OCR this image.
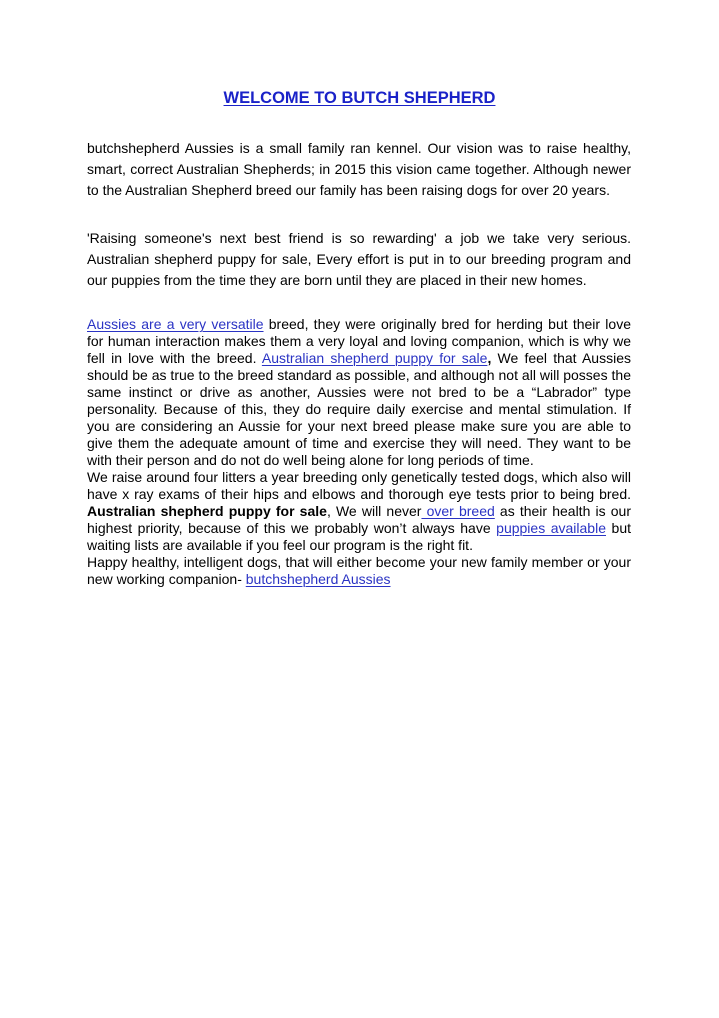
WELCOME TO BUTCH SHEPHERD

butchshepherd Aussies is a small family ran kennel. Our vision was to raise healthy, smart, correct Australian Shepherds; in 2015 this vision came together. Although newer to the Australian Shepherd breed our family has been raising dogs for over 20 years.

'Raising someone's next best friend is so rewarding' a job we take very serious. Australian shepherd puppy for sale, Every effort is put in to our breeding program and our puppies from the time they are born until they are placed in their new homes.

Aussies are a very versatile breed, they were originally bred for herding but their love for human interaction makes them a very loyal and loving companion, which is why we fell in love with the breed. Australian shepherd puppy for sale, We feel that Aussies should be as true to the breed standard as possible, and although not all will posses the same instinct or drive as another, Aussies were not bred to be a “Labrador” type personality. Because of this, they do require daily exercise and mental stimulation. If you are considering an Aussie for your next breed please make sure you are able to give them the adequate amount of time and exercise they will need. They want to be with their person and do not do well being alone for long periods of time.
We raise around four litters a year breeding only genetically tested dogs, which also will have x ray exams of their hips and elbows and thorough eye tests prior to being bred. Australian shepherd puppy for sale, We will never over breed as their health is our highest priority, because of this we probably won’t always have puppies available but waiting lists are available if you feel our program is the right fit.
Happy healthy, intelligent dogs, that will either become your new family member or your new working companion- butchshepherd Aussies
